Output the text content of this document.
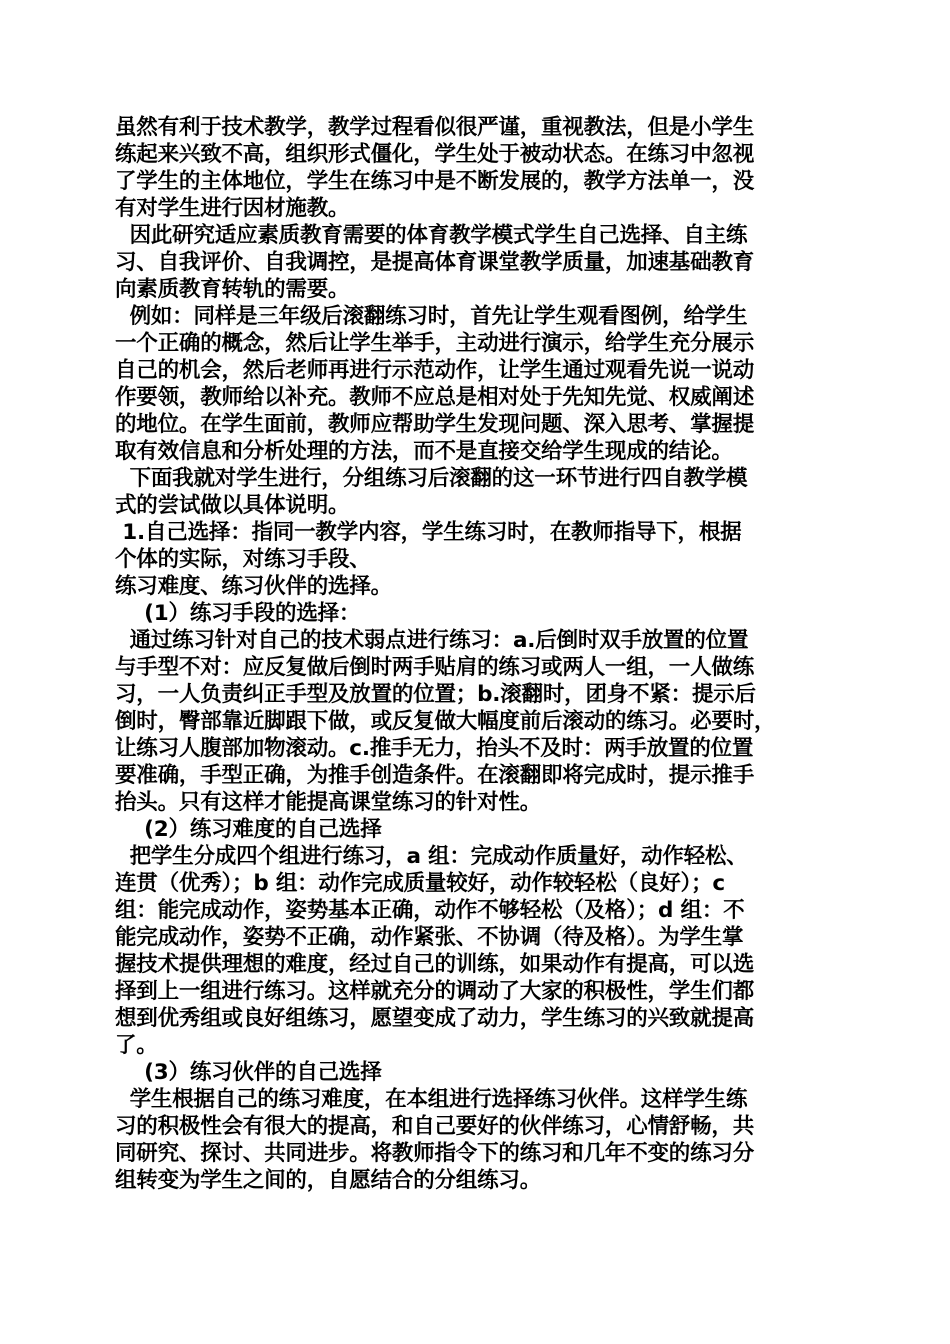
虽然有利于技术教学，教学过程看似很严谨，重视教法，但是小学生
练起来兴致不高，组织形式僵化，学生处于被动状态。在练习中忽视
了学生的主体地位，学生在练习中是不断发展的，教学方法单一，没
有对学生进行因材施教。
因此研究适应素质教育需要的体育教学模式学生自己选择、自主练
习、自我评价、自我调控，是提高体育课堂教学质量，加速基础教育
向素质教育转轨的需要。
例如：同样是三年级后滚翻练习时，首先让学生观看图例，给学生
一个正确的概念，然后让学生举手，主动进行演示，给学生充分展示
自己的机会，然后老师再进行示范动作，让学生通过观看先说一说动
作要领，教师给以补充。教师不应总是相对处于先知先觉、权威阐述
的地位。在学生面前，教师应帮助学生发现问题、深入思考、掌握提
取有效信息和分析处理的方法，而不是直接交给学生现成的结论。
下面我就对学生进行，分组练习后滚翻的这一环节进行四自教学模
式的尝试做以具体说明。
1.自己选择：指同一教学内容，学生练习时，在教师指导下，根据
个体的实际，对练习手段、
练习难度、练习伙伴的选择。
(1）练习手段的选择：
通过练习针对自己的技术弱点进行练习：a.后倒时双手放置的位置
与手型不对：应反复做后倒时两手贴肩的练习或两人一组，一人做练
习，一人负责纠正手型及放置的位置；b.滚翻时，团身不紧：提示后
倒时，臀部靠近脚跟下做，或反复做大幅度前后滚动的练习。必要时，
让练习人腹部加物滚动。c.推手无力，抬头不及时：两手放置的位置
要准确，手型正确，为推手创造条件。在滚翻即将完成时，提示推手
抬头。只有这样才能提高课堂练习的针对性。
(2）练习难度的自己选择
把学生分成四个组进行练习，a 组：完成动作质量好，动作轻松、
连贯（优秀）；b 组：动作完成质量较好，动作较轻松（良好）；c
组：能完成动作，姿势基本正确，动作不够轻松（及格）；d 组：不
能完成动作，姿势不正确，动作紧张、不协调（待及格）。为学生掌
握技术提供理想的难度，经过自己的训练，如果动作有提高，可以选
择到上一组进行练习。这样就充分的调动了大家的积极性，学生们都
想到优秀组或良好组练习，愿望变成了动力，学生练习的兴致就提高
了。
(3）练习伙伴的自己选择
学生根据自己的练习难度，在本组进行选择练习伙伴。这样学生练
习的积极性会有很大的提高，和自己要好的伙伴练习，心情舒畅，共
同研究、探讨、共同进步。将教师指令下的练习和几年不变的练习分
组转变为学生之间的，自愿结合的分组练习。
